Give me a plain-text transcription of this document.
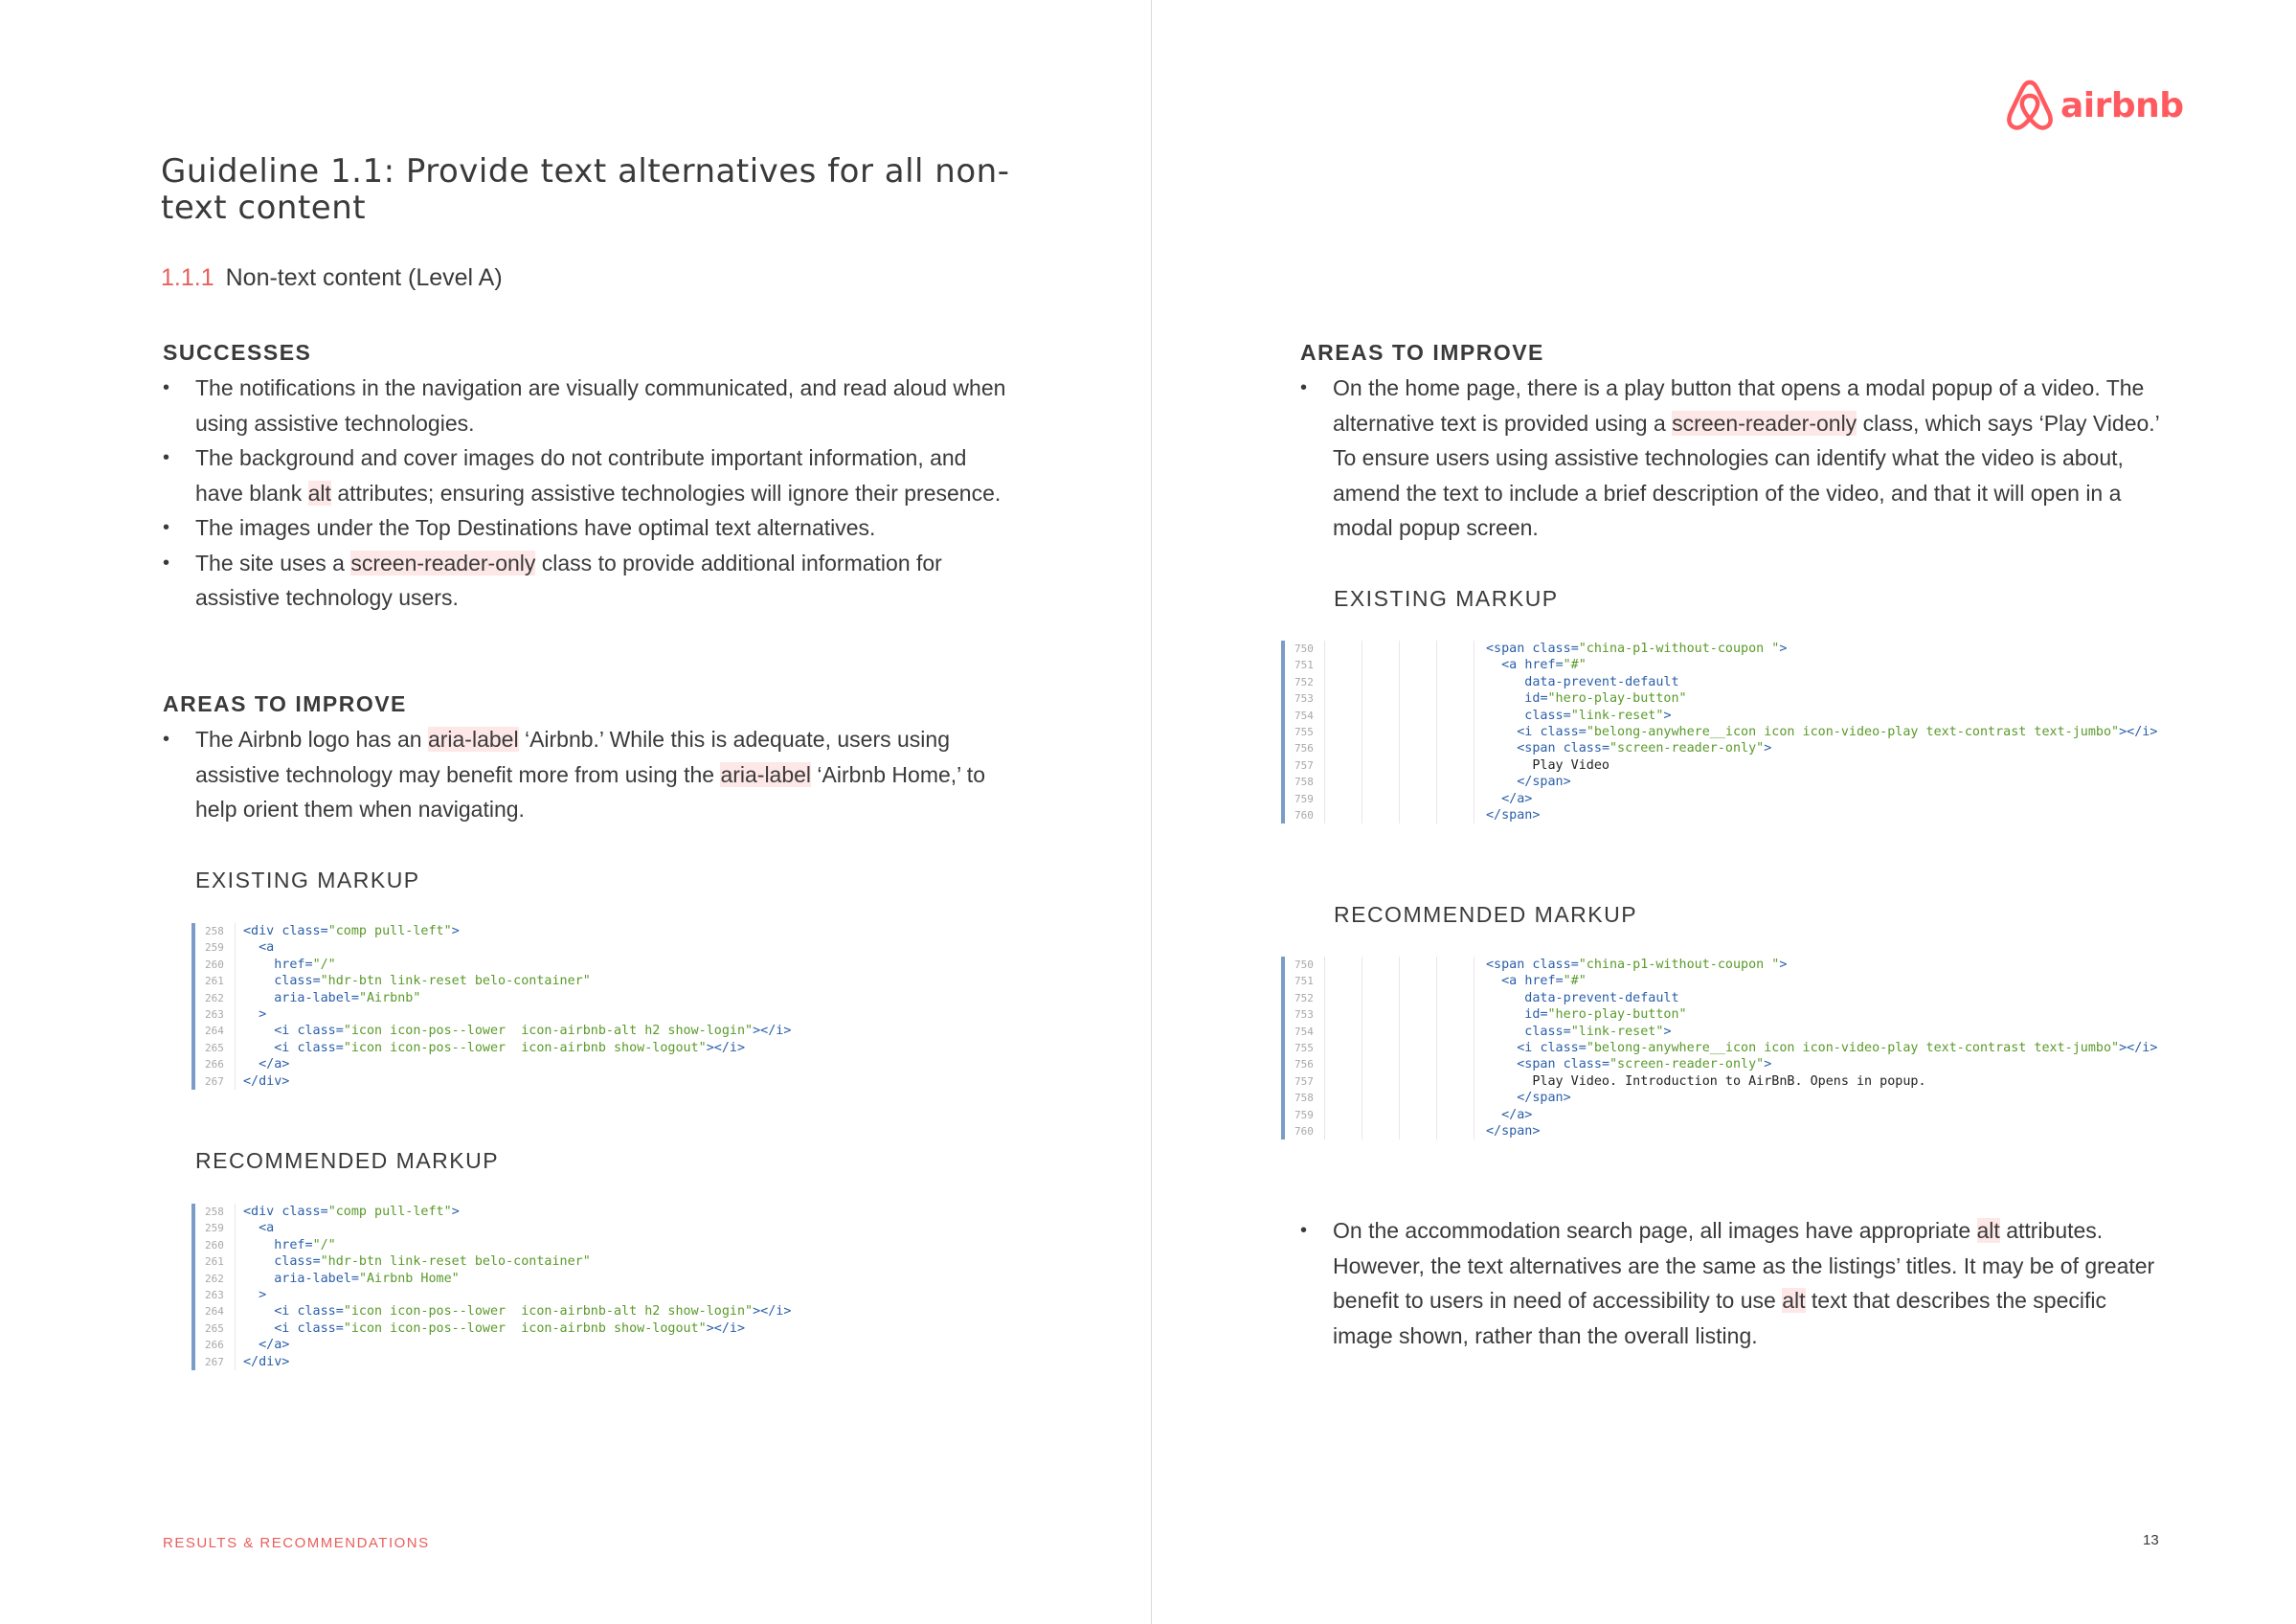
Guideline 1.1: Provide text alternatives for all non-text content
1.1.1 Non-text content (Level A)
SUCCESSES
• The notifications in the navigation are visually communicated, and read aloud when using assistive technologies.
• The background and cover images do not contribute important information, and have blank alt attributes; ensuring assistive technologies will ignore their presence.
• The images under the Top Destinations have optimal text alternatives.
• The site uses a screen-reader-only class to provide additional information for assistive technology users.
AREAS TO IMPROVE
• The Airbnb logo has an aria-label ‘Airbnb.’ While this is adequate, users using assistive technology may benefit more from using the aria-label ‘Airbnb Home,’ to help orient them when navigating.
EXISTING MARKUP
258	<div class="comp pull-left">
259	<a
260	href="/"
261	class="hdr-btn link-reset belo-container"
262	aria-label="Airbnb"
263	>
264	<i class="icon icon-pos--lower  icon-airbnb-alt h2 show-login"></i>
265	<i class="icon icon-pos--lower  icon-airbnb show-logout"></i>
266	</a>
267	</div>
RECOMMENDED MARKUP
258	<div class="comp pull-left">
259	<a
260	href="/"
261	class="hdr-btn link-reset belo-container"
262	aria-label="Airbnb Home"
263	>
264	<i class="icon icon-pos--lower  icon-airbnb-alt h2 show-login"></i>
265	<i class="icon icon-pos--lower  icon-airbnb show-logout"></i>
266	</a>
267	</div>
RESULTS & RECOMMENDATIONS
airbnb
AREAS TO IMPROVE
• On the home page, there is a play button that opens a modal popup of a video. The alternative text is provided using a screen-reader-only class, which says ‘Play Video.’ To ensure users using assistive technologies can identify what the video is about, amend the text to include a brief description of the video, and that it will open in a modal popup screen.
EXISTING MARKUP
750	<span class="china-p1-without-coupon ">
751	<a href="#"
752	data-prevent-default
753	id="hero-play-button"
754	class="link-reset">
755	<i class="belong-anywhere__icon icon icon-video-play text-contrast text-jumbo"></i>
756	<span class="screen-reader-only">
757	Play Video
758	</span>
759	</a>
760	</span>
RECOMMENDED MARKUP
750	<span class="china-p1-without-coupon ">
751	<a href="#"
752	data-prevent-default
753	id="hero-play-button"
754	class="link-reset">
755	<i class="belong-anywhere__icon icon icon-video-play text-contrast text-jumbo"></i>
756	<span class="screen-reader-only">
757	Play Video. Introduction to AirBnB. Opens in popup.
758	</span>
759	</a>
760	</span>
• On the accommodation search page, all images have appropriate alt attributes. However, the text alternatives are the same as the listings’ titles. It may be of greater benefit to users in need of accessibility to use alt text that describes the specific image shown, rather than the overall listing.
13
